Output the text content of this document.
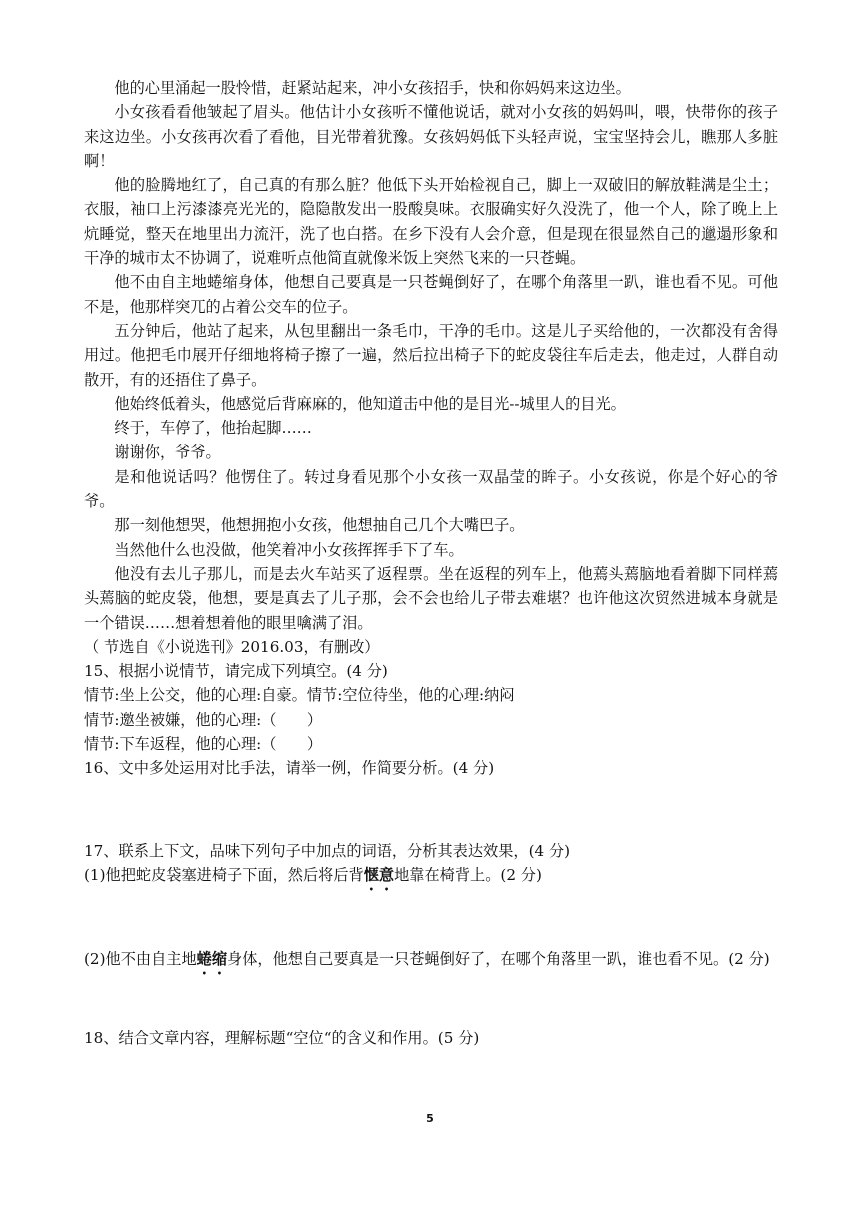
他的心里涌起一股怜惜，赶紧站起来，冲小女孩招手，快和你妈妈来这边坐。

小女孩看看他皱起了眉头。他估计小女孩听不懂他说话，就对小女孩的妈妈叫，喂，快带你的孩子来这边坐。小女孩再次看了看他，目光带着犹豫。女孩妈妈低下头轻声说，宝宝坚持会儿，瞧那人多脏啊！

他的脸腾地红了，自己真的有那么脏？他低下头开始检视自己，脚上一双破旧的解放鞋满是尘土；衣服，袖口上污漆漆亮光光的，隐隐散发出一股酸臭味。衣服确实好久没洗了，他一个人，除了晚上上炕睡觉，整天在地里出力流汗，洗了也白搭。在乡下没有人会介意，但是现在很显然自己的邋遢形象和干净的城市太不协调了，说难听点他简直就像米饭上突然飞来的一只苍蝇。

他不由自主地蜷缩身体，他想自己要真是一只苍蝇倒好了，在哪个角落里一趴，谁也看不见。可他不是，他那样突兀的占着公交车的位子。

五分钟后，他站了起来，从包里翻出一条毛巾，干净的毛巾。这是儿子买给他的，一次都没有舍得用过。他把毛巾展开仔细地将椅子擦了一遍，然后拉出椅子下的蛇皮袋往车后走去，他走过，人群自动散开，有的还捂住了鼻子。

他始终低着头，他感觉后背麻麻的，他知道击中他的是目光--城里人的目光。

终于，车停了，他抬起脚……

谢谢你，爷爷。

是和他说话吗？他愣住了。转过身看见那个小女孩一双晶莹的眸子。小女孩说，你是个好心的爷爷。

那一刻他想哭，他想拥抱小女孩，他想抽自己几个大嘴巴子。

当然他什么也没做，他笑着冲小女孩挥挥手下了车。

他没有去儿子那儿，而是去火车站买了返程票。坐在返程的列车上，他蔫头蔫脑地看着脚下同样蔫头蔫脑的蛇皮袋，他想，要是真去了儿子那，会不会也给儿子带去难堪？也许他这次贸然进城本身就是一个错误……想着想着他的眼里噙满了泪。

（ 节选自《小说选刊》2016.03，有删改）

15、根据小说情节，请完成下列填空。(4 分)

情节:坐上公交，他的心理:自豪。情节:空位待坐，他的心理:纳闷

情节:邀坐被嫌，他的心理:（　　）

情节:下车返程，他的心理:（　　）

16、文中多处运用对比手法，请举一例，作简要分析。(4 分)

17、联系上下文，品味下列句子中加点的词语，分析其表达效果，(4 分)

(1)他把蛇皮袋塞进椅子下面，然后将后背惬意地靠在椅背上。(2 分)

(2)他不由自主地蜷缩身体，他想自己要真是一只苍蝇倒好了，在哪个角落里一趴，谁也看不见。(2 分)

18、结合文章内容，理解标题“空位“的含义和作用。(5 分)

5
